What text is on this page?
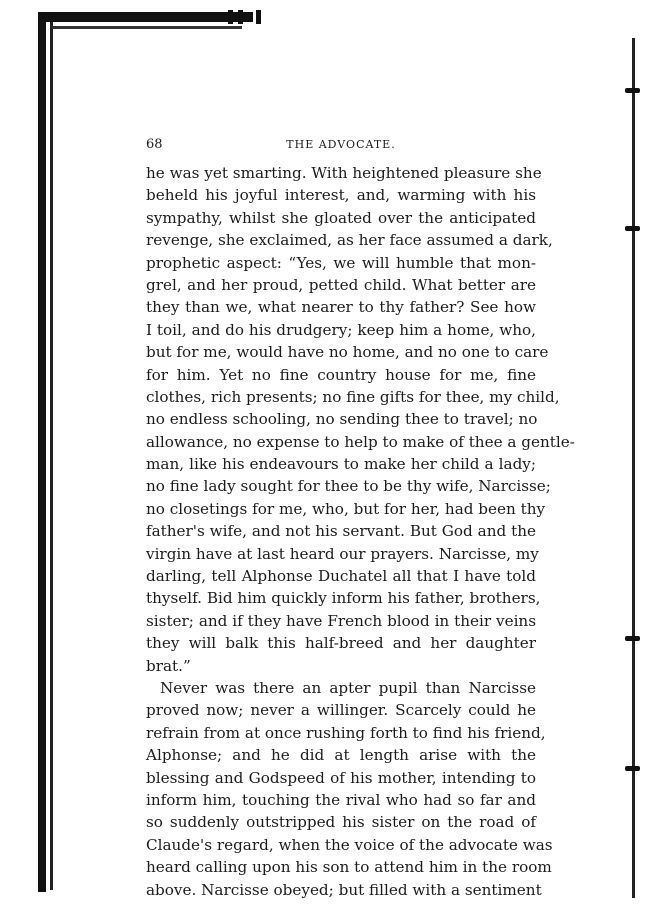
68	THE ADVOCATE.
he was yet smarting. With heightened pleasure she
beheld his joyful interest, and, warming with his
sympathy, whilst she gloated over the anticipated
revenge, she exclaimed, as her face assumed a dark,
prophetic aspect: “Yes, we will humble that mon-
grel, and her proud, petted child. What better are
they than we, what nearer to thy father? See how
I toil, and do his drudgery; keep him a home, who,
but for me, would have no home, and no one to care
for him. Yet no fine country house for me, fine
clothes, rich presents; no fine gifts for thee, my child,
no endless schooling, no sending thee to travel; no
allowance, no expense to help to make of thee a gentle-
man, like his endeavours to make her child a lady;
no fine lady sought for thee to be thy wife, Narcisse;
no closetings for me, who, but for her, had been thy
father's wife, and not his servant. But God and the
virgin have at last heard our prayers. Narcisse, my
darling, tell Alphonse Duchatel all that I have told
thyself. Bid him quickly inform his father, brothers,
sister; and if they have French blood in their veins
they will balk this half-breed and her daughter
brat.”
Never was there an apter pupil than Narcisse
proved now; never a willinger. Scarcely could he
refrain from at once rushing forth to find his friend,
Alphonse; and he did at length arise with the
blessing and Godspeed of his mother, intending to
inform him, touching the rival who had so far and
so suddenly outstripped his sister on the road of
Claude's regard, when the voice of the advocate was
heard calling upon his son to attend him in the room
above. Narcisse obeyed; but filled with a sentiment
